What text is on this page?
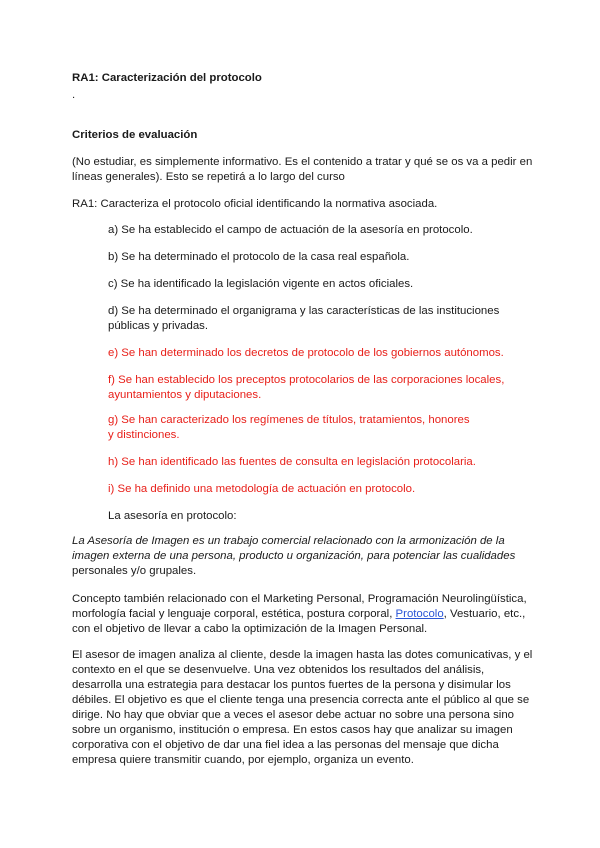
RA1: Caracterización del protocolo

.

Criterios de evaluación

(No estudiar, es simplemente informativo. Es el contenido a tratar y qué se os va a pedir en líneas generales). Esto se repetirá a lo largo del curso

RA1: Caracteriza el protocolo oficial identificando la normativa asociada.

a) Se ha establecido el campo de actuación de la asesoría en protocolo.

b) Se ha determinado el protocolo de la casa real española.

c) Se ha identificado la legislación vigente en actos oficiales.

d) Se ha determinado el organigrama y las características de las instituciones públicas y privadas.

e) Se han determinado los decretos de protocolo de los gobiernos autónomos.

f) Se han establecido los preceptos protocolarios de las corporaciones locales, ayuntamientos y diputaciones.

g) Se han caracterizado los regímenes de títulos, tratamientos, honores y distinciones.

h) Se han identificado las fuentes de consulta en legislación protocolaria.

i) Se ha definido una metodología de actuación en protocolo.

La asesoría en protocolo:

La Asesoría de Imagen es un trabajo comercial relacionado con la armonización de la imagen externa de una persona, producto u organización, para potenciar las cualidades personales y/o grupales.
Concepto también relacionado con el Marketing Personal, Programación Neurolingüística, morfología facial y lenguaje corporal, estética, postura corporal, Protocolo, Vestuario, etc., con el objetivo de llevar a cabo la optimización de la Imagen Personal.

El asesor de imagen analiza al cliente, desde la imagen hasta las dotes comunicativas, y el contexto en el que se desenvuelve. Una vez obtenidos los resultados del análisis, desarrolla una estrategia para destacar los puntos fuertes de la persona y disimular los débiles. El objetivo es que el cliente tenga una presencia correcta ante el público al que se dirige. No hay que obviar que a veces el asesor debe actuar no sobre una persona sino sobre un organismo, institución o empresa. En estos casos hay que analizar su imagen corporativa con el objetivo de dar una fiel idea a las personas del mensaje que dicha empresa quiere transmitir cuando, por ejemplo, organiza un evento.
